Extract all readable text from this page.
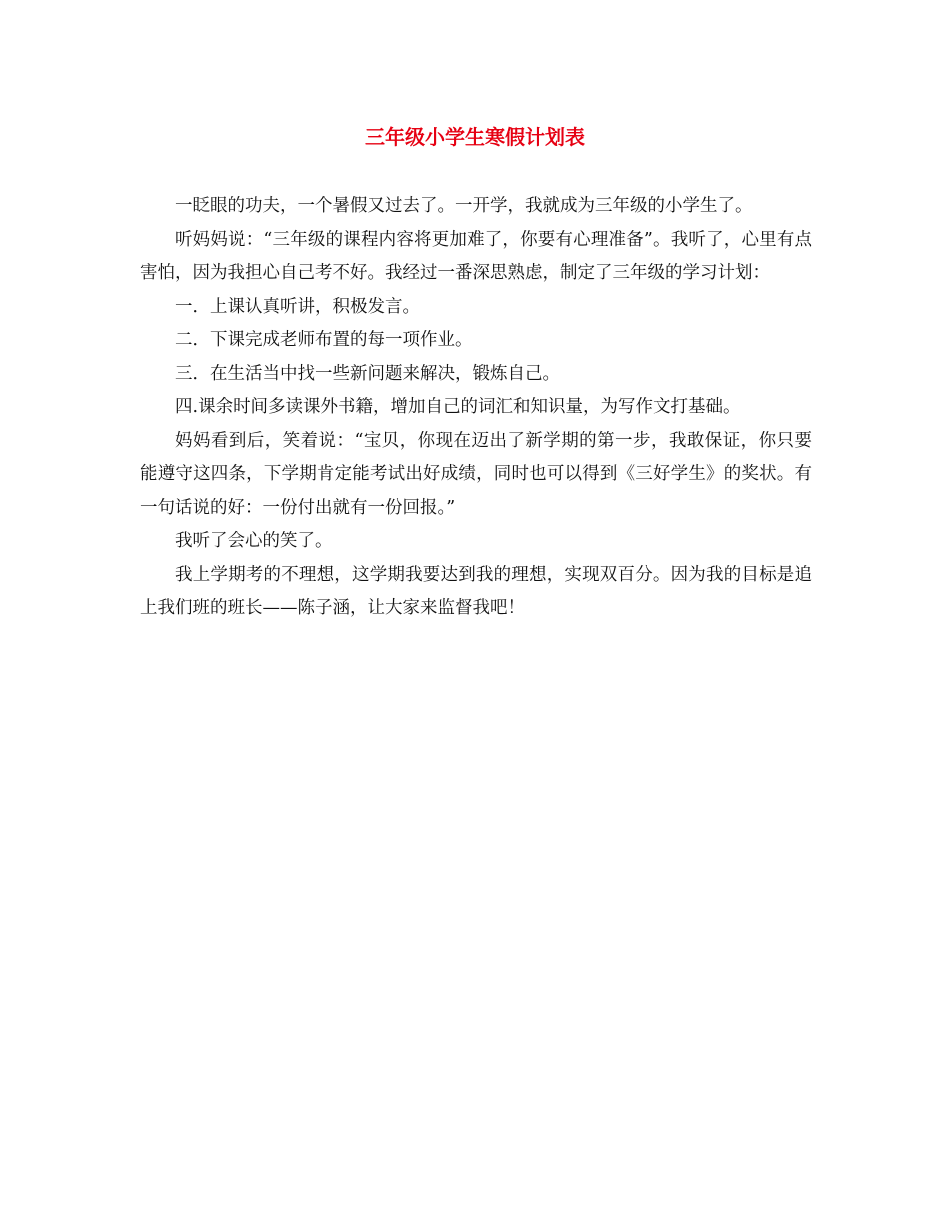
三年级小学生寒假计划表

一眨眼的功夫，一个暑假又过去了。一开学，我就成为三年级的小学生了。

听妈妈说：“三年级的课程内容将更加难了，你要有心理准备”。我听了，心里有点害怕，因为我担心自己考不好。我经过一番深思熟虑，制定了三年级的学习计划：

一．上课认真听讲，积极发言。

二．下课完成老师布置的每一项作业。

三．在生活当中找一些新问题来解决，锻炼自己。

四.课余时间多读课外书籍，增加自己的词汇和知识量，为写作文打基础。

妈妈看到后，笑着说：“宝贝，你现在迈出了新学期的第一步，我敢保证，你只要能遵守这四条，下学期肯定能考试出好成绩，同时也可以得到《三好学生》的奖状。有一句话说的好：一份付出就有一份回报。”

我听了会心的笑了。

我上学期考的不理想，这学期我要达到我的理想，实现双百分。因为我的目标是追上我们班的班长——陈子涵，让大家来监督我吧！
